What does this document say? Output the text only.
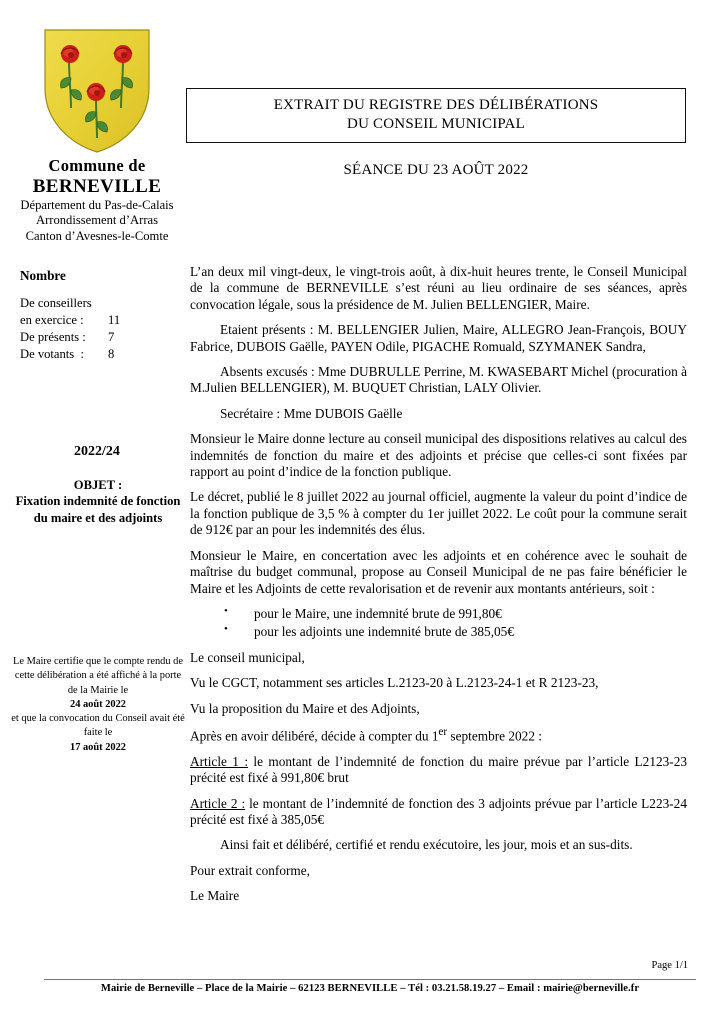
Commune de
BERNEVILLE
Département du Pas-de-Calais
Arrondissement d’Arras
Canton d’Avesnes-le-Comte
Nombre
De conseillers
en exercice : 11
De présents : 7
De votants  : 8
2022/24
OBJET :
Fixation indemnité de fonction du maire et des adjoints
Le Maire certifie que le compte rendu de cette délibération a été affiché à la porte de la Mairie le
24 août 2022
et que la convocation du Conseil avait été faite le
17 août 2022
EXTRAIT DU REGISTRE DES DÉLIBÉRATIONS
DU CONSEIL MUNICIPAL
SÉANCE DU 23 AOÛT 2022

L’an deux mil vingt-deux, le vingt-trois août, à dix-huit heures trente, le Conseil Municipal de la commune de BERNEVILLE s’est réuni au lieu ordinaire de ses séances, après convocation légale, sous la présidence de M. Julien BELLENGIER, Maire.

Etaient présents : M. BELLENGIER Julien, Maire, ALLEGRO Jean-François, BOUY Fabrice, DUBOIS Gaëlle, PAYEN Odile, PIGACHE Romuald, SZYMANEK Sandra,

Absents excusés : Mme DUBRULLE Perrine, M. KWASEBART Michel (procuration à M.Julien BELLENGIER), M. BUQUET Christian, LALY Olivier.

Secrétaire : Mme DUBOIS Gaëlle

Monsieur le Maire donne lecture au conseil municipal des dispositions relatives au calcul des indemnités de fonction du maire et des adjoints et précise que celles-ci sont fixées par rapport au point d’indice de la fonction publique.

Le décret, publié le 8 juillet 2022 au journal officiel, augmente la valeur du point d’indice de la fonction publique de 3,5 % à compter du 1er juillet 2022. Le coût pour la commune serait de 912€ par an pour les indemnités des élus.

Monsieur le Maire, en concertation avec les adjoints et en cohérence avec le souhait de maîtrise du budget communal, propose au Conseil Municipal de ne pas faire bénéficier le Maire et les Adjoints de cette revalorisation et de revenir aux montants antérieurs, soit :

• pour le Maire, une indemnité brute de 991,80€
• pour les adjoints une indemnité brute de 385,05€

Le conseil municipal,

Vu le CGCT, notamment ses articles L.2123-20 à L.2123-24-1 et R 2123-23,

Vu la proposition du Maire et des Adjoints,

Après en avoir délibéré, décide à compter du 1er septembre 2022 :

Article 1 : le montant de l’indemnité de fonction du maire prévue par l’article L2123-23 précité est fixé à 991,80€ brut

Article 2 : le montant de l’indemnité de fonction des 3 adjoints prévue par l’article L223-24 précité est fixé à 385,05€

Ainsi fait et délibéré, certifié et rendu exécutoire, les jour, mois et an sus-dits.

Pour extrait conforme,

Le Maire

Page 1/1
Mairie de Berneville – Place de la Mairie – 62123 BERNEVILLE – Tél : 03.21.58.19.27 – Email : mairie@berneville.fr
